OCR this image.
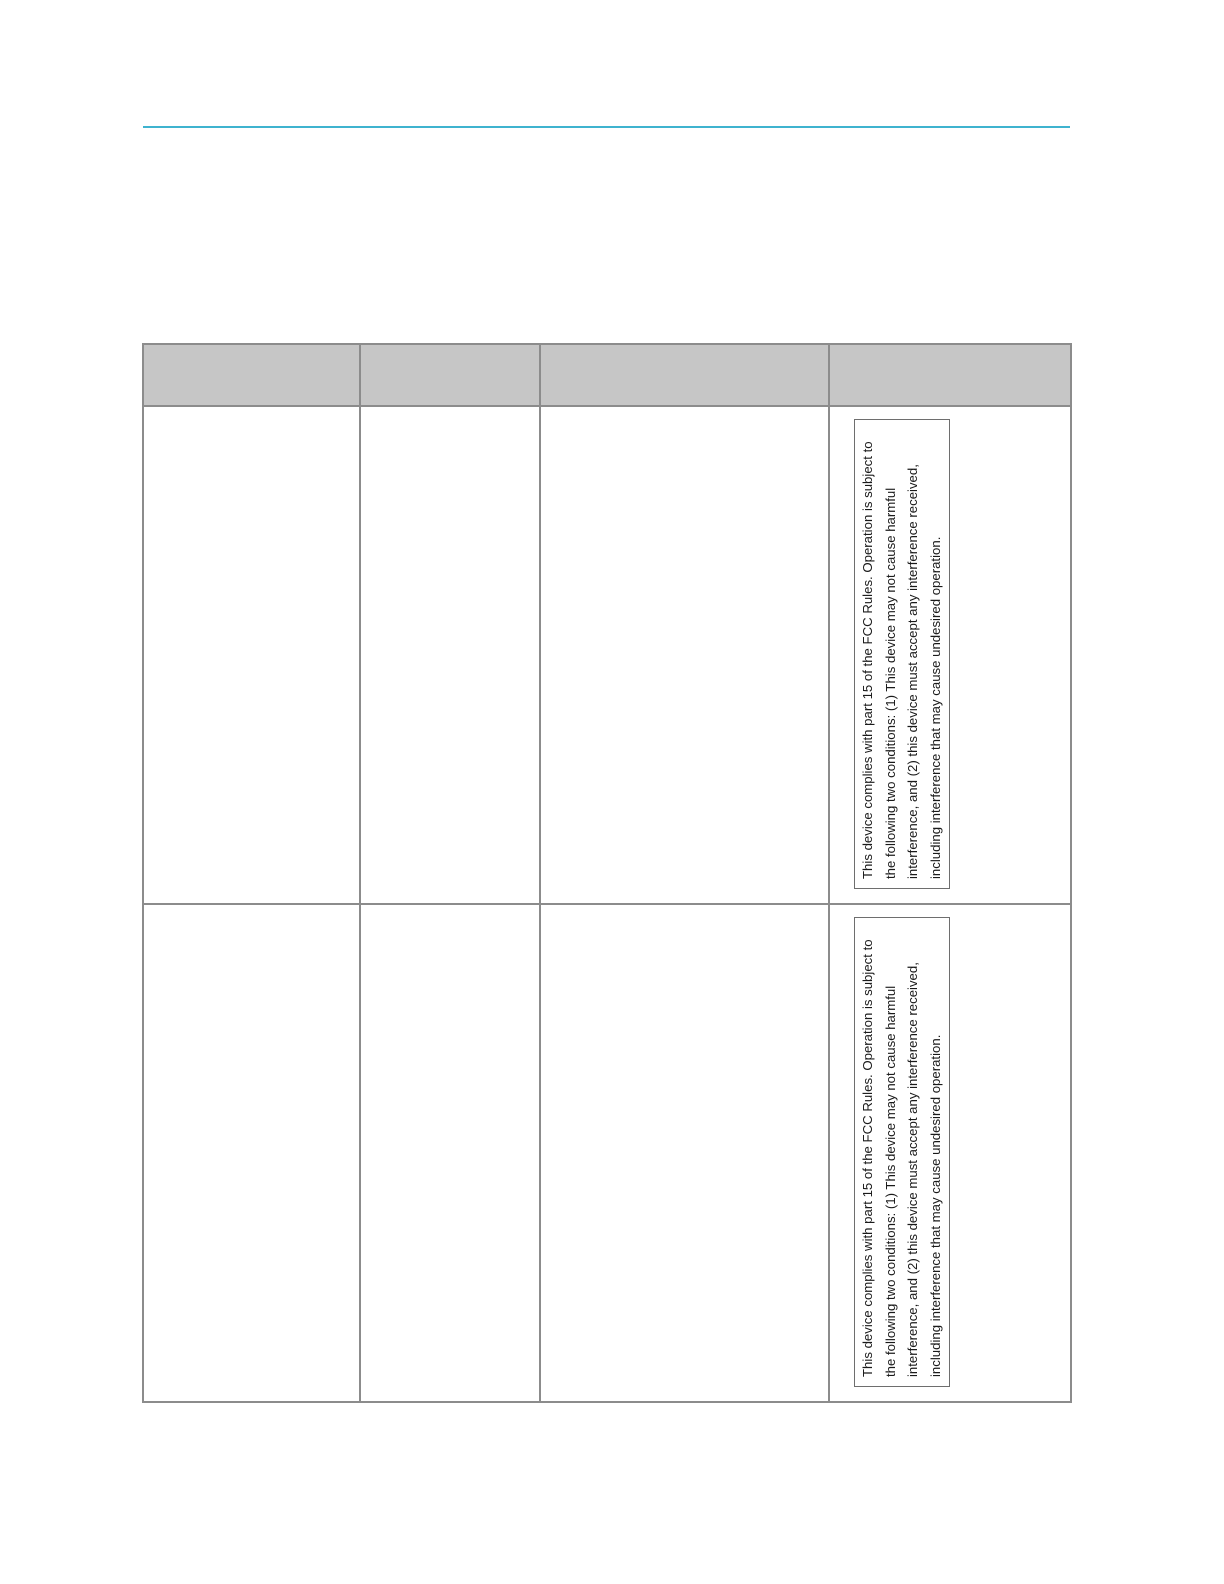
			This device complies with part 15 of the FCC Rules. Operation is subject to the following two conditions: (1) This device may not cause harmful interference, and (2) this device must accept any interference received, including interference that may cause undesired operation.

			This device complies with part 15 of the FCC Rules. Operation is subject to the following two conditions: (1) This device may not cause harmful interference, and (2) this device must accept any interference received, including interference that may cause undesired operation.
